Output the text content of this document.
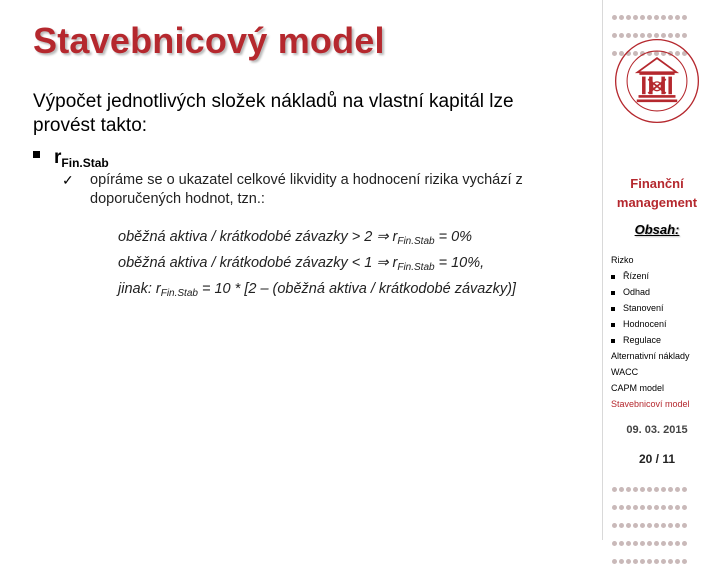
Stavebnicový model
Výpočet jednotlivých složek nákladů na vlastní kapitál lze provést takto:
$r_{Fin.Stab}$
✓ opíráme se o ukazatel celkové likvidity a hodnocení rizika vychází z doporučených hodnot, tzn.:
oběžná aktiva / krátkodobé závazky > 2 ⇒ $r_{Fin.Stab} = 0\%$
oběžná aktiva / krátkodobé závazky < 1 ⇒ $r_{Fin.Stab} = 10\%$,
jinak: $r_{Fin.Stab} = 10 * [2$ – (oběžná aktiva / krátkodobé závazky)]

Finanční management
Obsah:
Rizko
Řízení
Odhad
Stanovení
Hodnocení
Regulace
Alternativní náklady
WACC
CAPM model
Stavebnicoví model
09. 03. 2015
20 / 11
